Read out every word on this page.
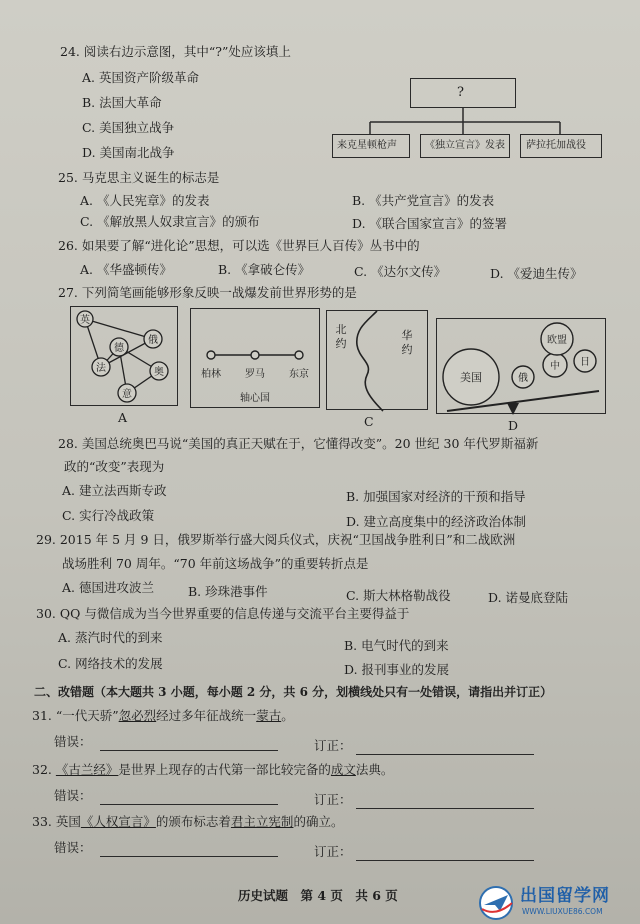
24. 阅读右边示意图，其中“?”处应该填上
A. 英国资产阶级革命
B. 法国大革命
C. 美国独立战争
D. 美国南北战争
?
来克星顿枪声	《独立宣言》发表 萨拉托加战役
25. 马克思主义诞生的标志是
A. 《人民宪章》的发表	B. 《共产党宣言》的发表
C. 《解放黑人奴隶宣言》的颁布	D. 《联合国家宣言》的签署
26. 如果要了解“进化论”思想，可以选《世界巨人百传》丛书中的
A. 《华盛顿传》	B. 《拿破仑传》	C. 《达尔文传》	D. 《爱迪生传》
27. 下列简笔画能够形象反映一战爆发前世界形势的是
英
俄
德
法	奥
意
A
柏林 罗马 东京
轴心国
北
约
华
约
C
美国	俄
中
欧盟
日
D
28. 美国总统奥巴马说“美国的真正天赋在于，它懂得改变”。20 世纪 30 年代罗斯福新
政的“改变”表现为
A. 建立法西斯专政	B. 加强国家对经济的干预和指导
C. 实行冷战政策	D. 建立高度集中的经济政治体制
29. 2015 年 5 月 9 日，俄罗斯举行盛大阅兵仪式，庆祝“卫国战争胜利日”和二战欧洲
战场胜利 70 周年。“70 年前这场战争”的重要转折点是
A. 德国进攻波兰	B. 珍珠港事件	C. 斯大林格勒战役	D. 诺曼底登陆
30. QQ 与微信成为当今世界重要的信息传递与交流平台主要得益于
A. 蒸汽时代的到来
B. 电气时代的到来
C. 网络技术的发展	D. 报刊事业的发展
二、改错题（本大题共 3 小题，每小题 2 分，共 6 分，划横线处只有一处错误，请指出并订正）
31. “一代天骄”忽必烈经过多年征战统一蒙古。
错误：	订正：
32. 《古兰经》是世界上现存的古代第一部比较完备的成文法典。
错误：	订正：
33. 英国《人权宣言》的颁布标志着君主立宪制的确立。
错误：	订正：
历史试题　第 4 页　共 6 页	出国留学网
WWW.LIUXUE86.COM
